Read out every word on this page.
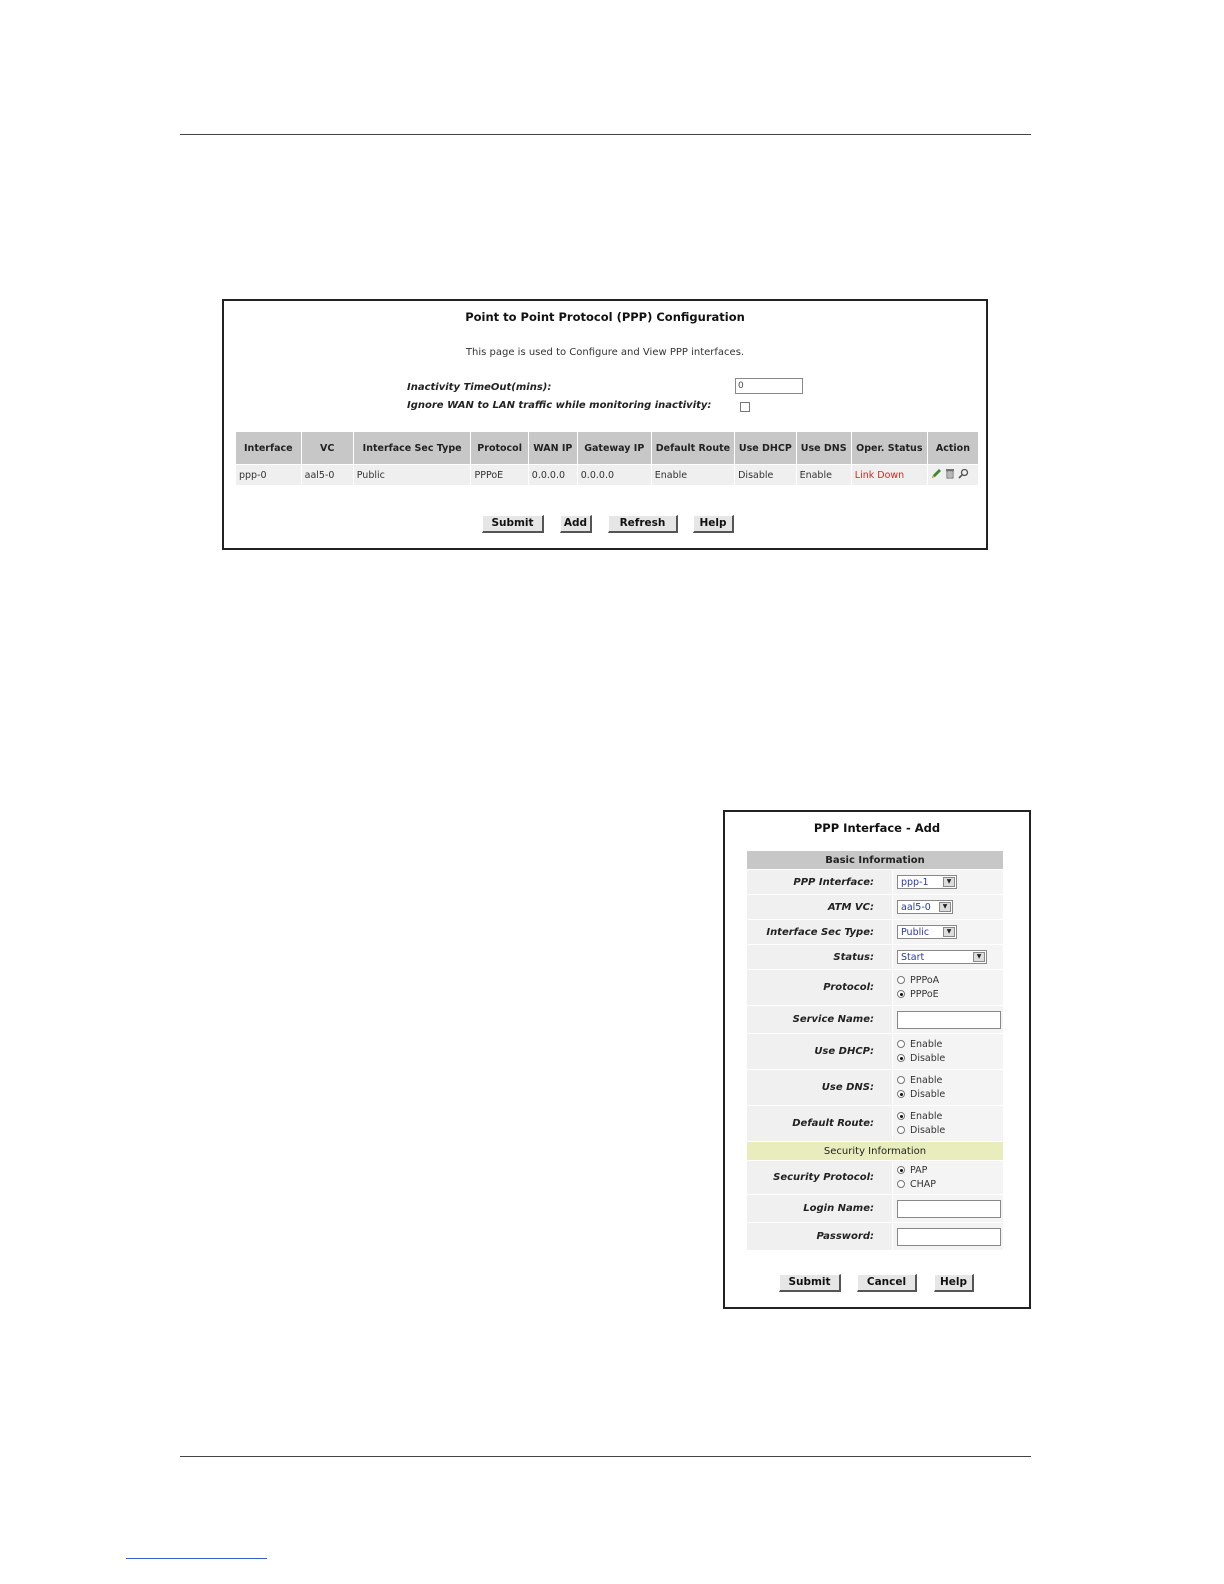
Point to Point Protocol (PPP) Configuration
This page is used to Configure and View PPP interfaces.
Inactivity TimeOut(mins):	0
Ignore WAN to LAN traffic while monitoring inactivity:
Interface	VC	Interface Sec Type	Protocol	WAN IP	Gateway IP	Default Route	Use DHCP	Use DNS	Oper. Status	Action
ppp-0	aal5-0	Public	PPPoE	0.0.0.0	0.0.0.0	Enable	Disable	Enable	Link Down	
Submit	Add	Refresh	Help
PPP Interface - Add
Basic Information	
PPP Interface:	ppp-1 ▼

ATM VC:	aal5-0 ▼

Interface Sec Type:	Public ▼

Status:	Start ▼

Protocol:	PPPoA
PPPoE

Service Name:	
Use DHCP:	Enable
Disable

Use DNS:	Enable
Disable

Default Route:	Enable
Disable

Security Information	
Security Protocol:	PAP
CHAP

Login Name:	
Password:	
Submit	Cancel	Help
